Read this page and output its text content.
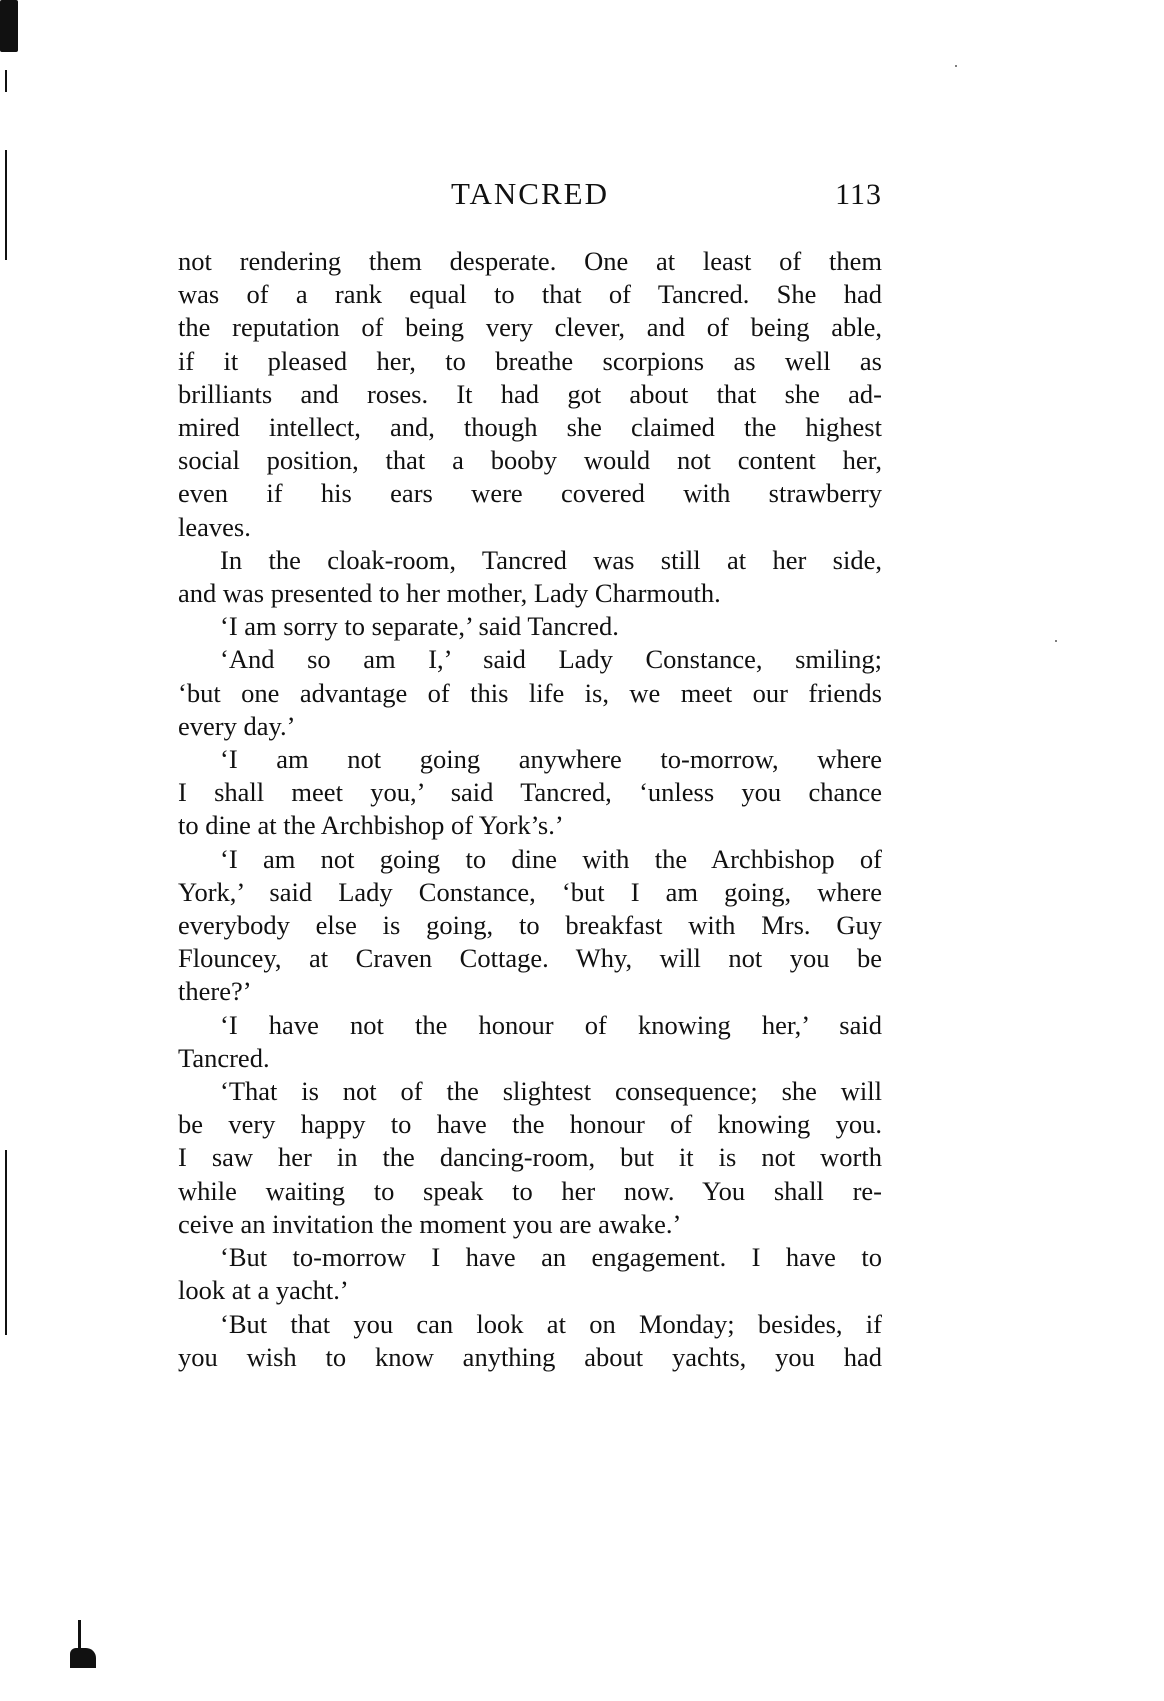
TANCRED	113
not rendering them desperate. One at least of them
was of a rank equal to that of Tancred. She had
the reputation of being very clever, and of being able,
if it pleased her, to breathe scorpions as well as
brilliants and roses. It had got about that she ad-
mired intellect, and, though she claimed the highest
social position, that a booby would not content her,
even if his ears were covered with strawberry
leaves.
In the cloak-room, Tancred was still at her side,
and was presented to her mother, Lady Charmouth.
‘I am sorry to separate,’ said Tancred.
‘And so am I,’ said Lady Constance, smiling;
‘but one advantage of this life is, we meet our friends
every day.’
‘I am not going anywhere to-morrow, where
I shall meet you,’ said Tancred, ‘unless you chance
to dine at the Archbishop of York’s.’
‘I am not going to dine with the Archbishop of
York,’ said Lady Constance, ‘but I am going, where
everybody else is going, to breakfast with Mrs. Guy
Flouncey, at Craven Cottage. Why, will not you be
there?’
‘I have not the honour of knowing her,’ said
Tancred.
‘That is not of the slightest consequence; she will
be very happy to have the honour of knowing you.
I saw her in the dancing-room, but it is not worth
while waiting to speak to her now. You shall re-
ceive an invitation the moment you are awake.’
‘But to-morrow I have an engagement. I have to
look at a yacht.’
‘But that you can look at on Monday; besides, if
you wish to know anything about yachts, you had
